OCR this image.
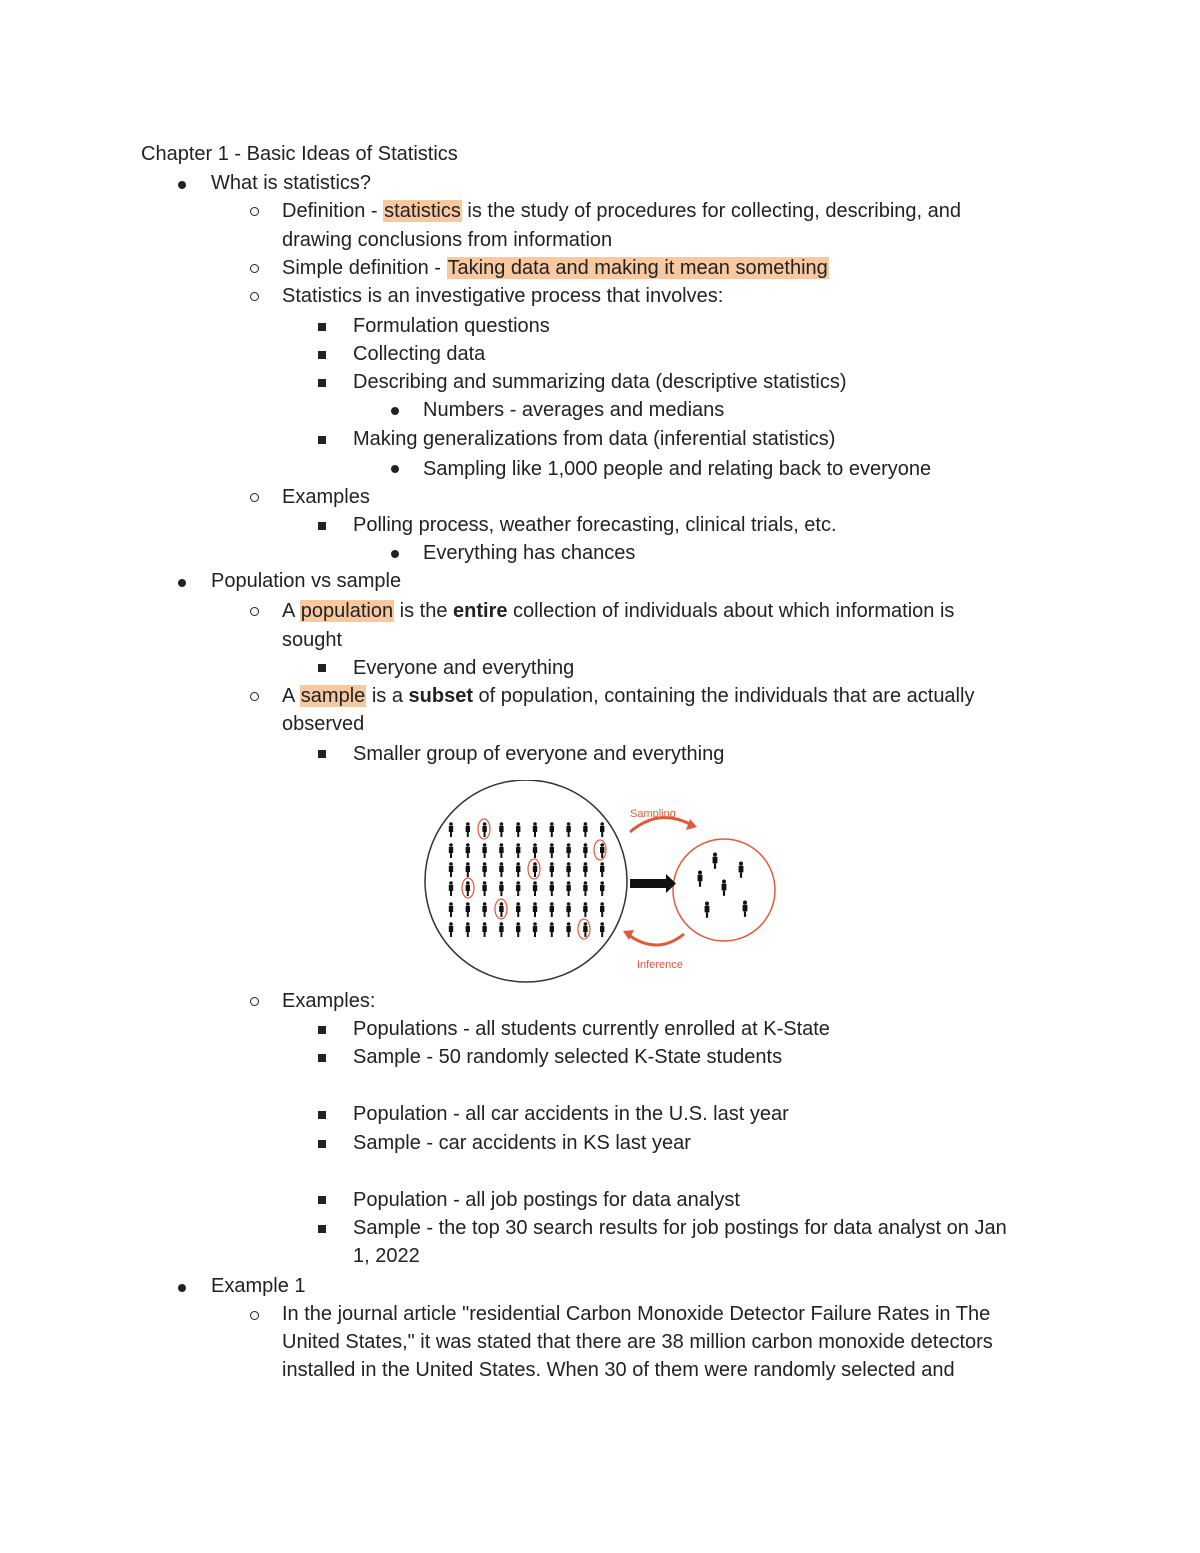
Chapter 1 - Basic Ideas of Statistics
What is statistics?
Definition - statistics is the study of procedures for collecting, describing, and
drawing conclusions from information
Simple definition - Taking data and making it mean something
Statistics is an investigative process that involves:
Formulation questions
Collecting data
Describing and summarizing data (descriptive statistics)
Numbers - averages and medians
Making generalizations from data (inferential statistics)
Sampling like 1,000 people and relating back to everyone
Examples
Polling process, weather forecasting, clinical trials, etc.
Everything has chances
Population vs sample
A population is the entire collection of individuals about which information is
sought
Everyone and everything
A sample is a subset of population, containing the individuals that are actually
observed
Smaller group of everyone and everything
Sampling
Inference
Examples:
Populations - all students currently enrolled at K-State
Sample - 50 randomly selected K-State students
Population - all car accidents in the U.S. last year
Sample - car accidents in KS last year
Population - all job postings for data analyst
Sample - the top 30 search results for job postings for data analyst on Jan
1, 2022
Example 1
In the journal article "residential Carbon Monoxide Detector Failure Rates in The
United States," it was stated that there are 38 million carbon monoxide detectors
installed in the United States. When 30 of them were randomly selected and
